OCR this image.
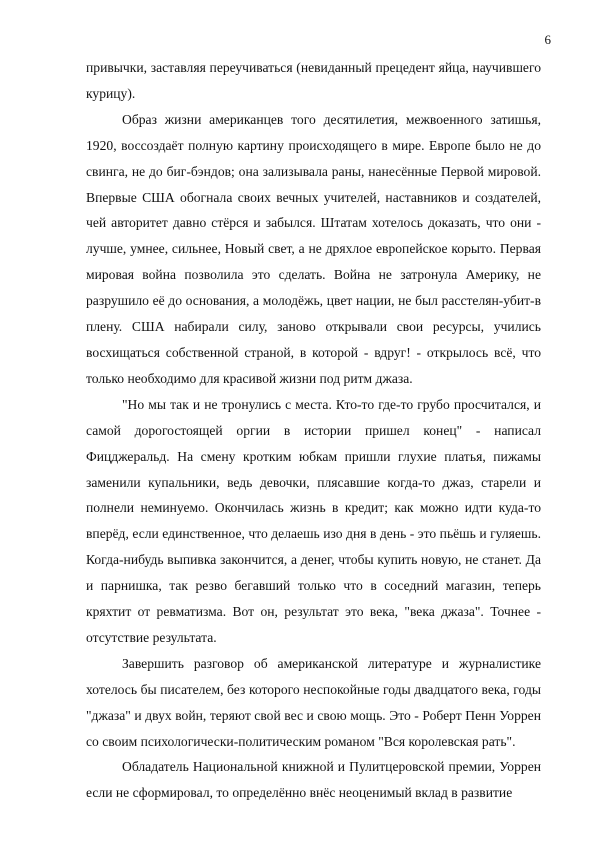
6

привычки, заставляя переучиваться (невиданный прецедент яйца, научившего курицу).

Образ жизни американцев того десятилетия, межвоенного затишья, 1920, воссоздаёт полную картину происходящего в мире. Европе было не до свинга, не до биг-бэндов; она зализывала раны, нанесённые Первой мировой. Впервые США обогнала своих вечных учителей, наставников и создателей, чей авторитет давно стёрся и забылся. Штатам хотелось доказать, что они - лучше, умнее, сильнее, Новый свет, а не дряхлое европейское корыто. Первая мировая война позволила это сделать. Война не затронула Америку, не разрушило её до основания, а молодёжь, цвет нации, не был расстелян-убит-в плену. США набирали силу, заново открывали свои ресурсы, учились восхищаться собственной страной, в которой - вдруг! - открылось всё, что только необходимо для красивой жизни под ритм джаза.

"Но мы так и не тронулись с места. Кто-то где-то грубо просчитался, и самой дорогостоящей оргии в истории пришел конец" - написал Фицджеральд. На смену кротким юбкам пришли глухие платья, пижамы заменили купальники, ведь девочки, плясавшие когда-то джаз, старели и полнели неминуемо. Окончилась жизнь в кредит; как можно идти куда-то вперёд, если единственное, что делаешь изо дня в день - это пьёшь и гуляешь. Когда-нибудь выпивка закончится, а денег, чтобы купить новую, не станет. Да и парнишка, так резво бегавший только что в соседний магазин, теперь кряхтит от ревматизма. Вот он, результат это века, "века джаза". Точнее - отсутствие результата.

Завершить разговор об американской литературе и журналистике хотелось бы писателем, без которого неспокойные годы двадцатого века, годы "джаза" и двух войн, теряют свой вес и свою мощь. Это - Роберт Пенн Уоррен со своим психологически-политическим романом "Вся королевская рать".

Обладатель Национальной книжной и Пулитцеровской премии, Уоррен если не сформировал, то определённо внёс неоценимый вклад в развитие
